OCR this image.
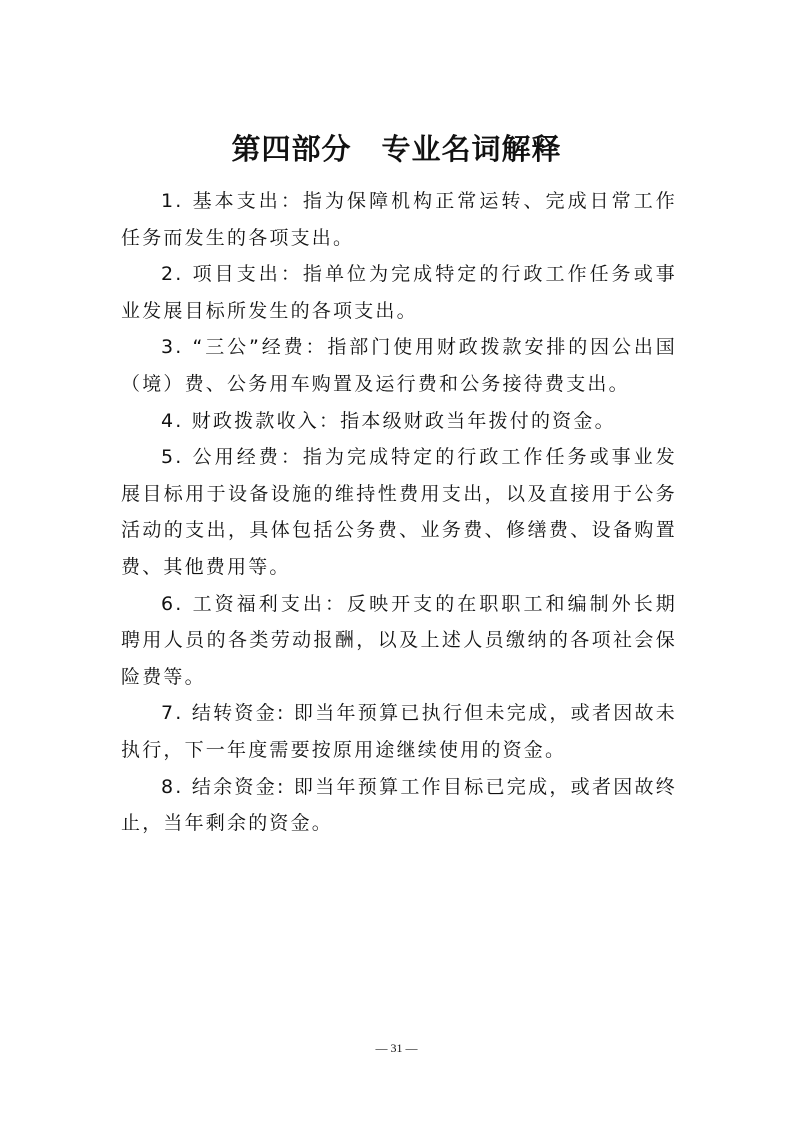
第四部分　专业名词解释

1. 基本支出：指为保障机构正常运转、完成日常工作任务而发生的各项支出。

2. 项目支出：指单位为完成特定的行政工作任务或事业发展目标所发生的各项支出。

3. “三公”经费：指部门使用财政拨款安排的因公出国（境）费、公务用车购置及运行费和公务接待费支出。

4. 财政拨款收入：指本级财政当年拨付的资金。

5. 公用经费：指为完成特定的行政工作任务或事业发展目标用于设备设施的维持性费用支出，以及直接用于公务活动的支出，具体包括公务费、业务费、修缮费、设备购置费、其他费用等。

6. 工资福利支出：反映开支的在职职工和编制外长期聘用人员的各类劳动报酬，以及上述人员缴纳的各项社会保险费等。

7. 结转资金: 即当年预算已执行但未完成，或者因故未执行，下一年度需要按原用途继续使用的资金。

8. 结余资金: 即当年预算工作目标已完成，或者因故终止，当年剩余的资金。

— 31 —
